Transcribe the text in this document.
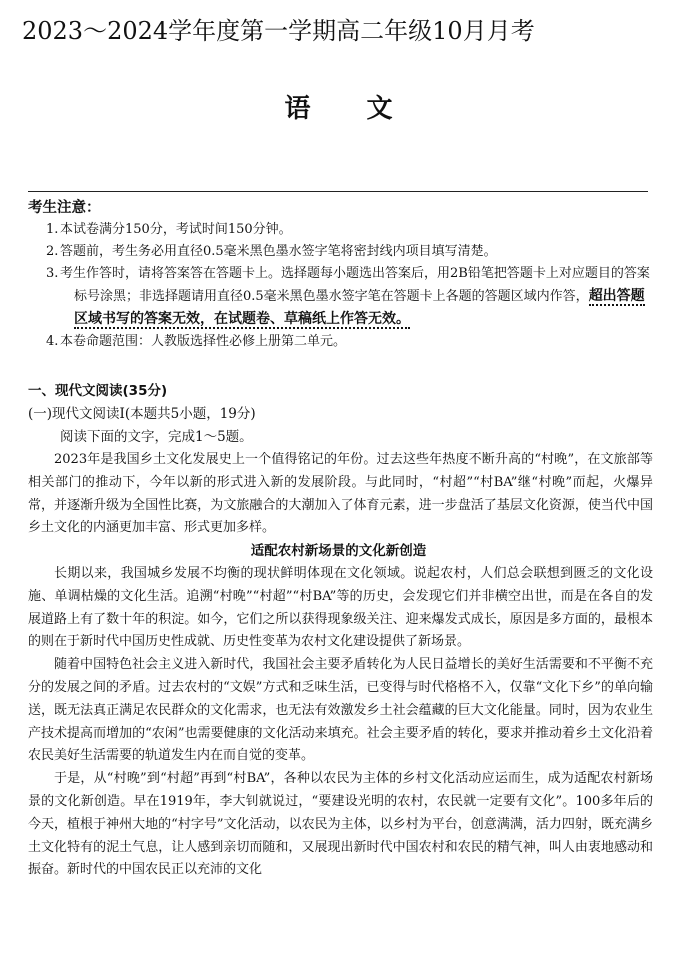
2023～2024学年度第一学期高二年级10月月考
语 文
考生注意：

1. 本试卷满分150分，考试时间150分钟。

2. 答题前，考生务必用直径0.5毫米黑色墨水签字笔将密封线内项目填写清楚。

3. 考生作答时，请将答案答在答题卡上。选择题每小题选出答案后，用2B铅笔把答题卡上对应题目的答案标号涂黑；非选择题请用直径0.5毫米黑色墨水签字笔在答题卡上各题的答题区域内作答，超出答题区域书写的答案无效，在试题卷、草稿纸上作答无效。

4. 本卷命题范围：人教版选择性必修上册第二单元。

一、现代文阅读(35分)
(一)现代文阅读Ⅰ(本题共5小题，19分)
阅读下面的文字，完成1～5题。

2023年是我国乡土文化发展史上一个值得铭记的年份。过去这些年热度不断升高的“村晚”，在文旅部等相关部门的推动下，今年以新的形式进入新的发展阶段。与此同时，“村超”“村BA”继“村晚”而起，火爆异常，并逐渐升级为全国性比赛，为文旅融合的大潮加入了体育元素，进一步盘活了基层文化资源，使当代中国乡土文化的内涵更加丰富、形式更加多样。

适配农村新场景的文化新创造

长期以来，我国城乡发展不均衡的现状鲜明体现在文化领域。说起农村，人们总会联想到匮乏的文化设施、单调枯燥的文化生活。追溯“村晚”“村超”“村BA”等的历史，会发现它们并非横空出世，而是在各自的发展道路上有了数十年的积淀。如今，它们之所以获得现象级关注、迎来爆发式成长，原因是多方面的，最根本的则在于新时代中国历史性成就、历史性变革为农村文化建设提供了新场景。

随着中国特色社会主义进入新时代，我国社会主要矛盾转化为人民日益增长的美好生活需要和不平衡不充分的发展之间的矛盾。过去农村的“文娱”方式和乏味生活，已变得与时代格格不入，仅靠“文化下乡”的单向输送，既无法真正满足农民群众的文化需求，也无法有效激发乡土社会蕴藏的巨大文化能量。同时，因为农业生产技术提高而增加的“农闲”也需要健康的文化活动来填充。社会主要矛盾的转化，要求并推动着乡土文化沿着农民美好生活需要的轨道发生内在而自觉的变革。

于是，从“村晚”到“村超”再到“村BA”，各种以农民为主体的乡村文化活动应运而生，成为适配农村新场景的文化新创造。早在1919年，李大钊就说过，“要建设光明的农村，农民就一定要有文化”。100多年后的今天，植根于神州大地的“村字号”文化活动，以农民为主体，以乡村为平台，创意满满，活力四射，既充满乡土文化特有的泥土气息，让人感到亲切而随和，又展现出新时代中国农村和农民的精气神，叫人由衷地感动和振奋。新时代的中国农民正以充沛的文化
